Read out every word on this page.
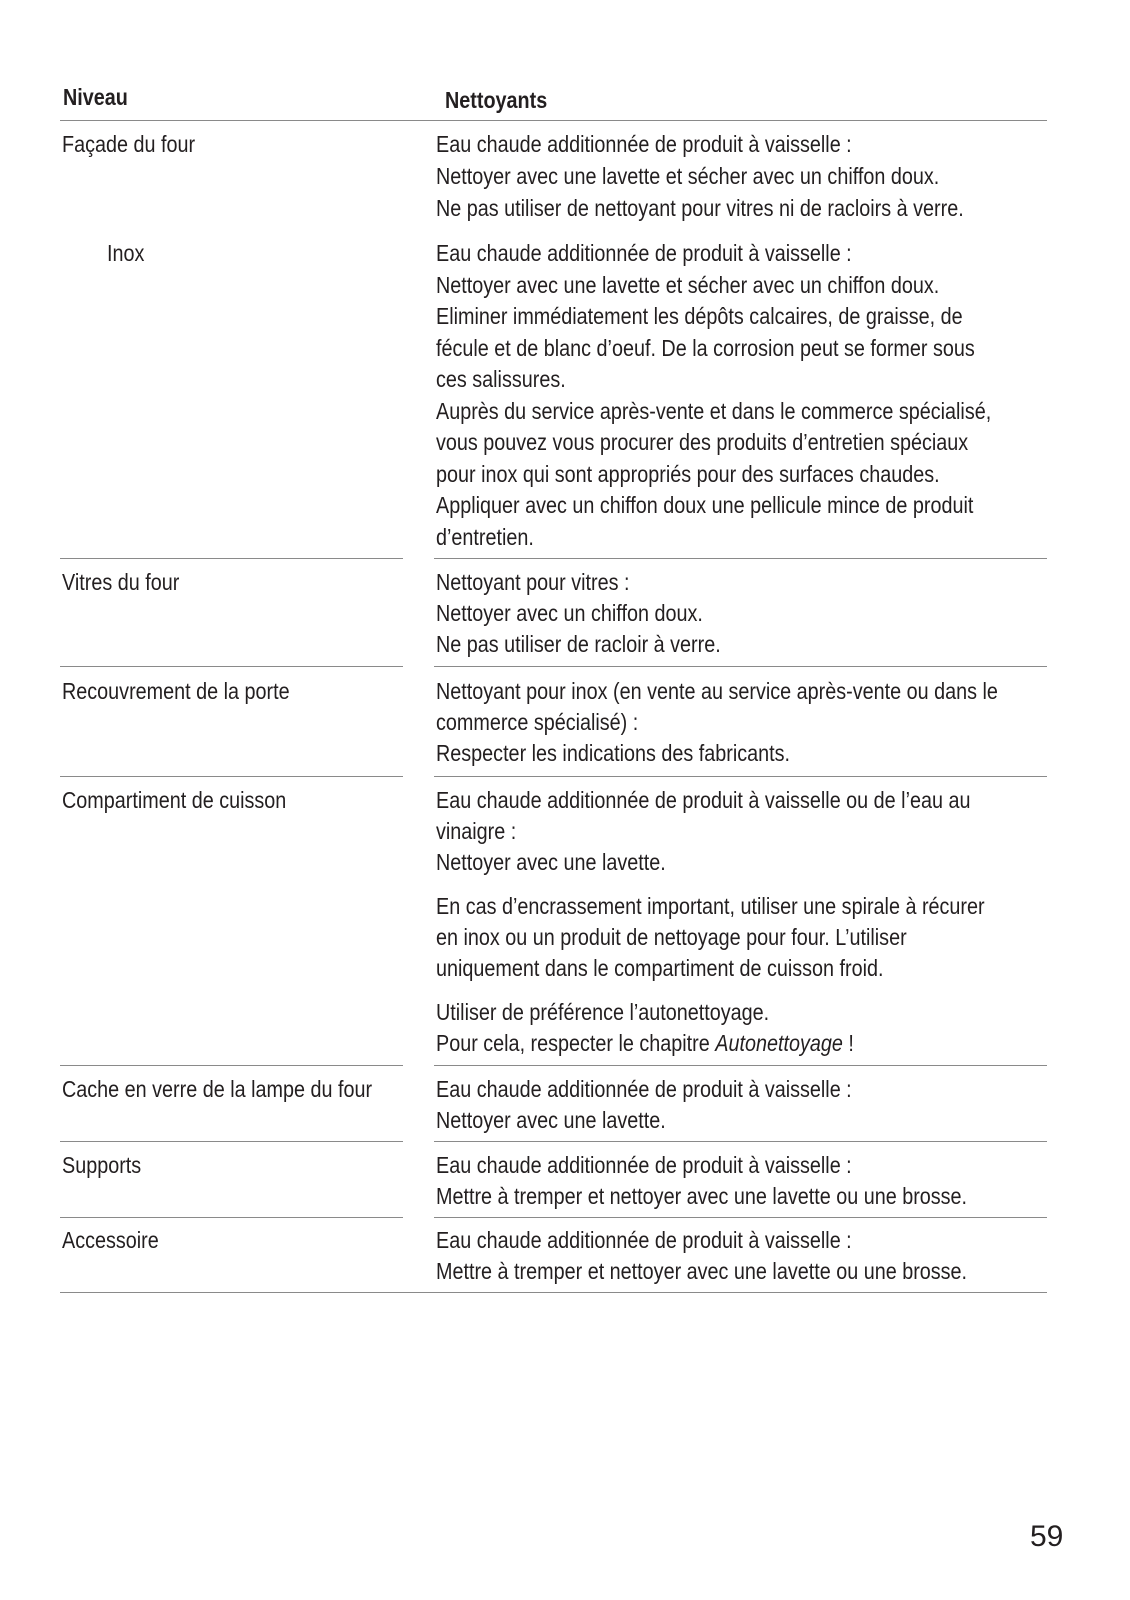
Niveau	Nettoyants
Façade du four	Eau chaude additionnée de produit à vaisselle :
Nettoyer avec une lavette et sécher avec un chiffon doux.
Ne pas utiliser de nettoyant pour vitres ni de racloirs à verre.
Inox	Eau chaude additionnée de produit à vaisselle :
Nettoyer avec une lavette et sécher avec un chiffon doux.
Eliminer immédiatement les dépôts calcaires, de graisse, de
fécule et de blanc d’oeuf. De la corrosion peut se former sous
ces salissures.
Auprès du service après-vente et dans le commerce spécialisé,
vous pouvez vous procurer des produits d’entretien spéciaux
pour inox qui sont appropriés pour des surfaces chaudes.
Appliquer avec un chiffon doux une pellicule mince de produit
d’entretien.
Vitres du four	Nettoyant pour vitres :
Nettoyer avec un chiffon doux.
Ne pas utiliser de racloir à verre.
Recouvrement de la porte	Nettoyant pour inox (en vente au service après-vente ou dans le
commerce spécialisé) :
Respecter les indications des fabricants.
Compartiment de cuisson	Eau chaude additionnée de produit à vaisselle ou de l’eau au
vinaigre :
Nettoyer avec une lavette.
En cas d’encrassement important, utiliser une spirale à récurer
en inox ou un produit de nettoyage pour four. L’utiliser
uniquement dans le compartiment de cuisson froid.
Utiliser de préférence l’autonettoyage.
Pour cela, respecter le chapitre Autonettoyage !
Cache en verre de la lampe du four	Eau chaude additionnée de produit à vaisselle :
Nettoyer avec une lavette.
Supports	Eau chaude additionnée de produit à vaisselle :
Mettre à tremper et nettoyer avec une lavette ou une brosse.
Accessoire	Eau chaude additionnée de produit à vaisselle :
Mettre à tremper et nettoyer avec une lavette ou une brosse.
59
